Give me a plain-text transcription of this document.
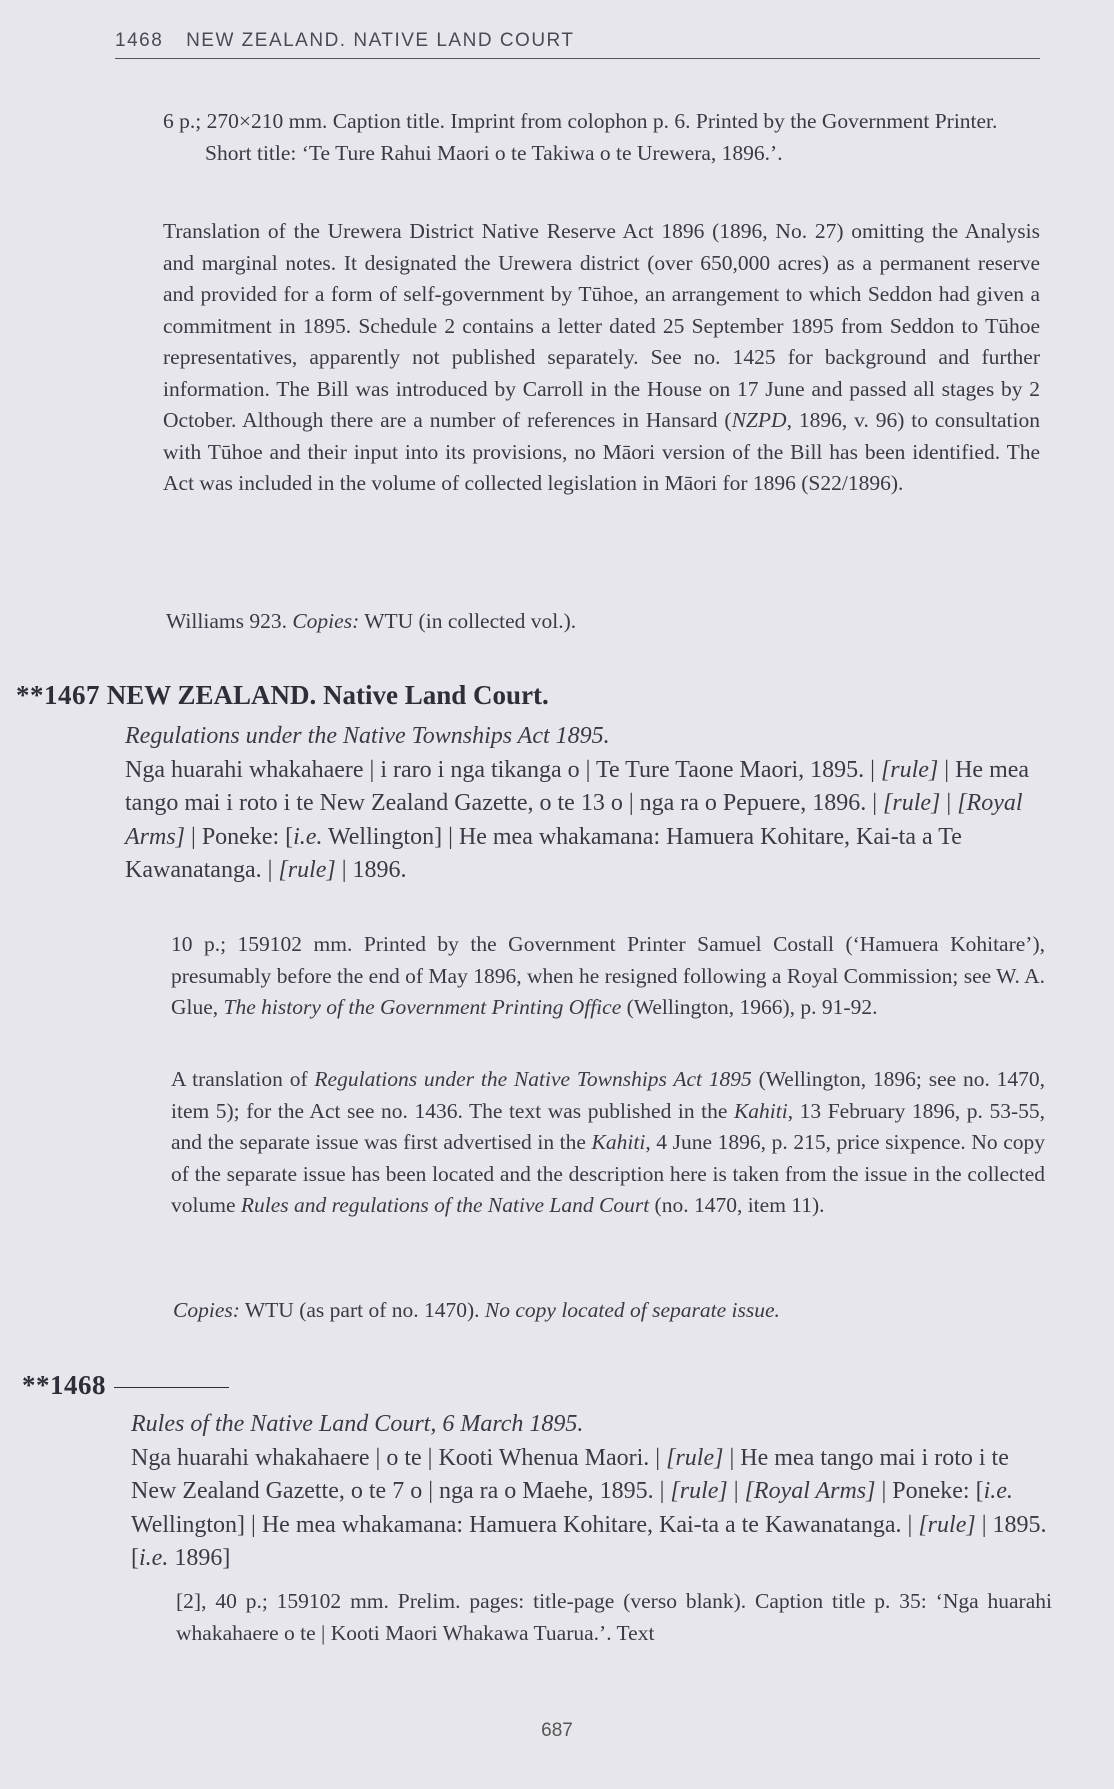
1468 NEW ZEALAND. NATIVE LAND COURT

6 p.; 270×210 mm. Caption title. Imprint from colophon p. 6. Printed by the Government Printer.

Short title: ‘Te Ture Rahui Maori o te Takiwa o te Urewera, 1896.’.

Translation of the Urewera District Native Reserve Act 1896 (1896, No. 27) omitting the Analysis and marginal notes. It designated the Urewera district (over 650,000 acres) as a permanent reserve and provided for a form of self-government by Tūhoe, an arrangement to which Seddon had given a commitment in 1895. Schedule 2 contains a letter dated 25 September 1895 from Seddon to Tūhoe representatives, apparently not published separately. See no. 1425 for background and further information. The Bill was introduced by Carroll in the House on 17 June and passed all stages by 2 October. Although there are a number of references in Hansard (NZPD, 1896, v. 96) to consultation with Tūhoe and their input into its provisions, no Māori version of the Bill has been identified. The Act was included in the volume of collected legislation in Māori for 1896 (S22/1896).

Williams 923. Copies: WTU (in collected vol.).

**1467 NEW ZEALAND. Native Land Court.

Regulations under the Native Townships Act 1895.

Nga huarahi whakahaere | i raro i nga tikanga o | Te Ture Taone Maori, 1895. | [rule] | He mea tango mai i roto i te New Zealand Gazette, o te 13 o | nga ra o Pepuere, 1896. | [rule] | [Royal Arms] | Poneke: [i.e. Wellington] | He mea whakamana: Hamuera Kohitare, Kai-ta a Te Kawanatanga. | [rule] | 1896.

10 p.; 159102 mm. Printed by the Government Printer Samuel Costall (‘Hamuera Kohitare’), presumably before the end of May 1896, when he resigned following a Royal Commission; see W. A. Glue, The history of the Government Printing Office (Wellington, 1966), p. 91-92.

A translation of Regulations under the Native Townships Act 1895 (Wellington, 1896; see no. 1470, item 5); for the Act see no. 1436. The text was published in the Kahiti, 13 February 1896, p. 53-55, and the separate issue was first advertised in the Kahiti, 4 June 1896, p. 215, price sixpence. No copy of the separate issue has been located and the description here is taken from the issue in the collected volume Rules and regulations of the Native Land Court (no. 1470, item 11).

Copies: WTU (as part of no. 1470). No copy located of separate issue.

**1468

Rules of the Native Land Court, 6 March 1895.

Nga huarahi whakahaere | o te | Kooti Whenua Maori. | [rule] | He mea tango mai i roto i te New Zealand Gazette, o te 7 o | nga ra o Maehe, 1895. | [rule] | [Royal Arms] | Poneke: [i.e. Wellington] | He mea whakamana: Hamuera Kohitare, Kai-ta a te Kawanatanga. | [rule] | 1895. [i.e. 1896]

[2], 40 p.; 159102 mm. Prelim. pages: title-page (verso blank). Caption title p. 35: ‘Nga huarahi whakahaere o te | Kooti Maori Whakawa Tuarua.’. Text

687
